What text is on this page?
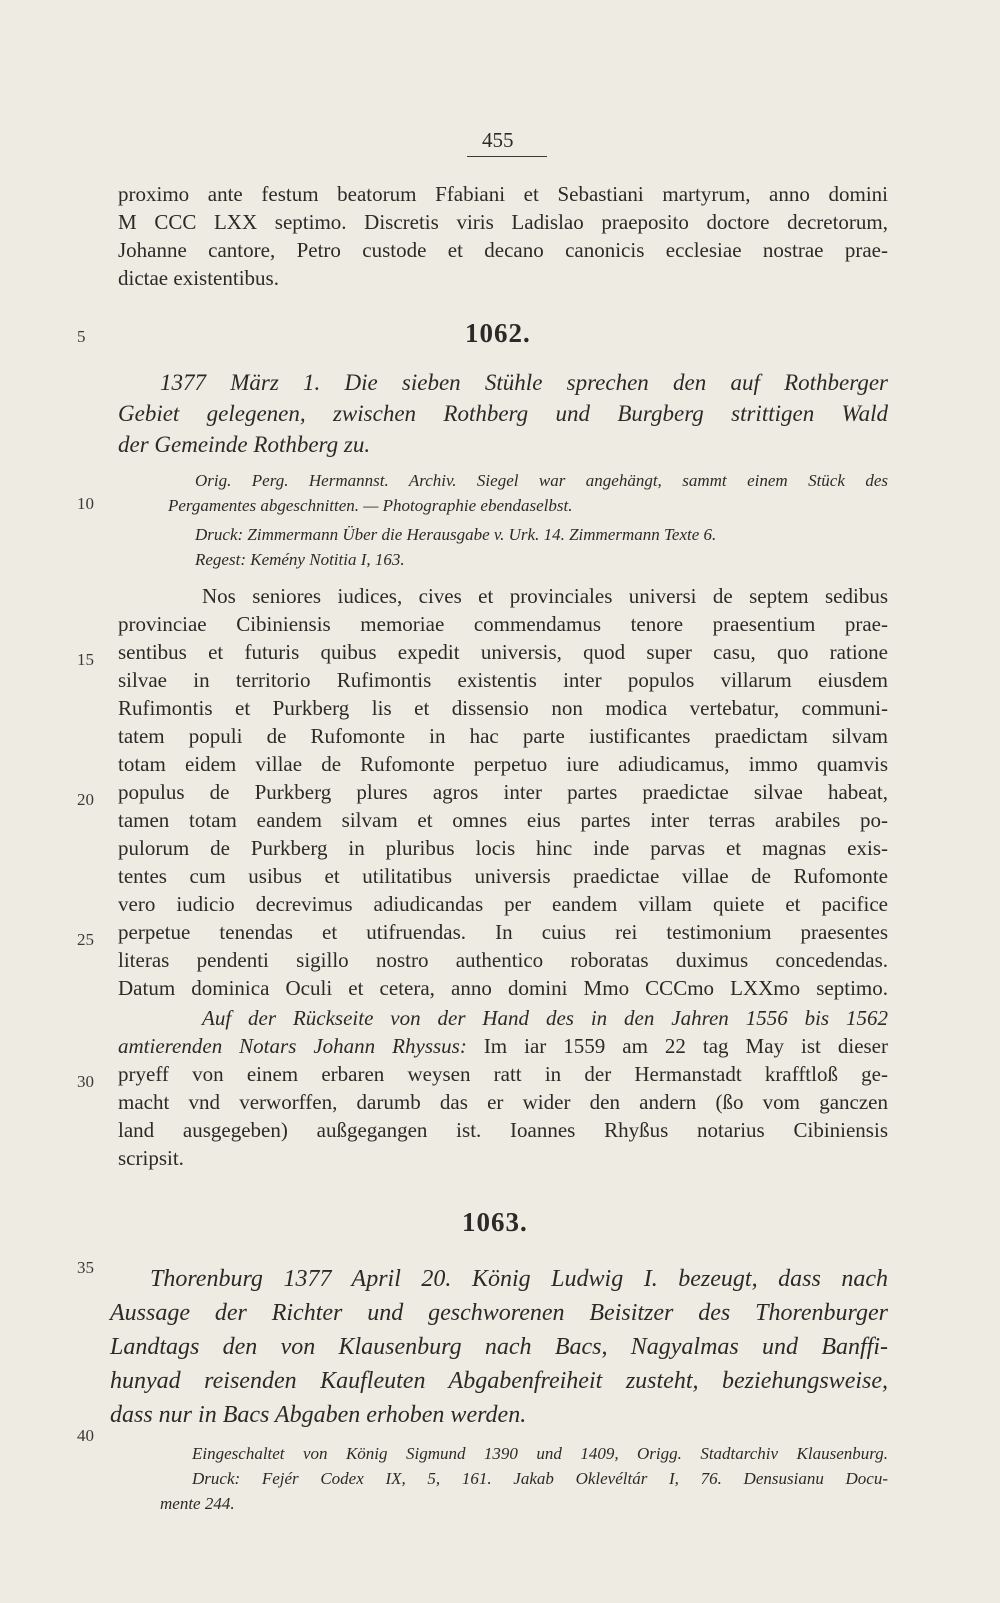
455
5
10
15
20
25
30
35
40
proximo ante festum beatorum Ffabiani et Sebastiani martyrum, anno domini
M CCC LXX septimo. Discretis viris Ladislao praeposito doctore decretorum,
Johanne cantore, Petro custode et decano canonicis ecclesiae nostrae prae-
dictae existentibus.
1062.
1377 März 1. Die sieben Stühle sprechen den auf Rothberger
Gebiet gelegenen, zwischen Rothberg und Burgberg strittigen Wald
der Gemeinde Rothberg zu.
Orig. Perg. Hermannst. Archiv. Siegel war angehängt, sammt einem Stück des
Pergamentes abgeschnitten. — Photographie ebendaselbst.
Druck: Zimmermann Über die Herausgabe v. Urk. 14. Zimmermann Texte 6.
Regest: Kemény Notitia I, 163.
Nos seniores iudices, cives et provinciales universi de septem sedibus
provinciae Cibiniensis memoriae commendamus tenore praesentium prae-
sentibus et futuris quibus expedit universis, quod super casu, quo ratione
silvae in territorio Rufimontis existentis inter populos villarum eiusdem
Rufimontis et Purkberg lis et dissensio non modica vertebatur, communi-
tatem populi de Rufomonte in hac parte iustificantes praedictam silvam
totam eidem villae de Rufomonte perpetuo iure adiudicamus, immo quamvis
populus de Purkberg plures agros inter partes praedictae silvae habeat,
tamen totam eandem silvam et omnes eius partes inter terras arabiles po-
pulorum de Purkberg in pluribus locis hinc inde parvas et magnas exis-
tentes cum usibus et utilitatibus universis praedictae villae de Rufomonte
vero iudicio decrevimus adiudicandas per eandem villam quiete et pacifice
perpetue tenendas et utifruendas. In cuius rei testimonium praesentes
literas pendenti sigillo nostro authentico roboratas duximus concedendas.
Datum dominica Oculi et cetera, anno domini Mmo CCCmo LXXmo septimo.
Auf der Rückseite von der Hand des in den Jahren 1556 bis 1562
amtierenden Notars Johann Rhyssus: Im iar 1559 am 22 tag May ist dieser
pryeff von einem erbaren weysen ratt in der Hermanstadt krafftloß ge-
macht vnd verworffen, darumb das er wider den andern (ßo vom ganczen
land ausgegeben) außgegangen ist. Ioannes Rhyßus notarius Cibiniensis
scripsit.
1063.
Thorenburg 1377 April 20. König Ludwig I. bezeugt, dass nach
Aussage der Richter und geschworenen Beisitzer des Thorenburger
Landtags den von Klausenburg nach Bacs, Nagyalmas und Banffi-
hunyad reisenden Kaufleuten Abgabenfreiheit zusteht, beziehungsweise,
dass nur in Bacs Abgaben erhoben werden.
Eingeschaltet von König Sigmund 1390 und 1409, Origg. Stadtarchiv Klausenburg.
Druck: Fejér Codex IX, 5, 161. Jakab Oklevéltár I, 76. Densusianu Docu-
mente 244.
